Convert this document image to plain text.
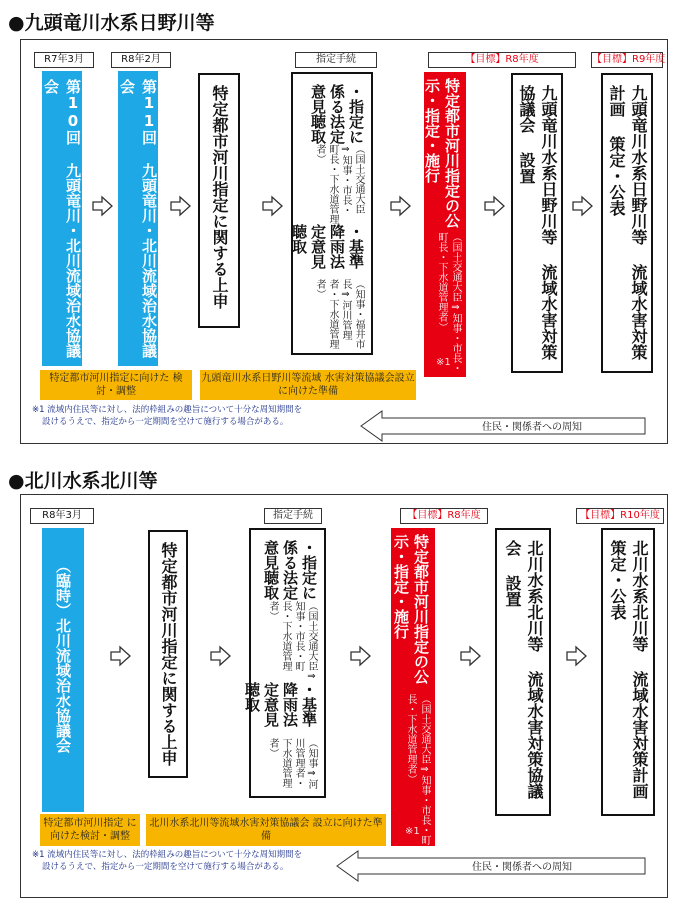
●九頭竜川水系日野川等
R7年3月	R8年2月	指定手続	【目標】R8年度	【目標】R9年度
第10回 九頭竜川・北川流域治水協議会	第11回 九頭竜川・北川流域治水協議会	特定都市河川指定に関する上申	・指定に係る法定意見聴取
（国土交通大臣⇒知事・市長・町長・下水道管理者）
・基準降雨法定意見聴取
（知事・福井市長⇒河川管理者・下水道管理者）
特定都市河川指定の公示・指定・施行
（国土交通大臣⇒知事・市長・町長・下水道管理者）
※1
九頭竜川水系日野川等 流域水害対策協議会 設置	九頭竜川水系日野川等 流域水害対策計画 策定・公表
特定都市河川指定に向けた 検討・調整
九頭竜川水系日野川等流域 水害対策協議会設立に向けた準備
※1 流域内住民等に対し、法的枠組みの趣旨について十分な周知期間を
設けるうえで、指定から一定期間を空けて施行する場合がある。	住民・関係者への周知
●北川水系北川等
R8年3月	指定手続	【目標】R8年度	【目標】R10年度
（臨時）北川流域治水協議会	特定都市河川指定に関する上申	・指定に係る法定意見聴取
（国土交通大臣⇒知事・市長・町長・下水道管理者）
・基準降雨法定意見聴取
（知事⇒河川管理者・下水道管理者）
特定都市河川指定の公示・指定・施行
（国土交通大臣⇒知事・市長・町長・下水道管理者）
※1
北川水系北川等 流域水害対策協議会 設置	北川水系北川等 流域水害対策計画 策定・公表
特定都市河川指定 に向けた検討・調整
北川水系北川等流域水害対策協議会 設立に向けた準備
※1 流域内住民等に対し、法的枠組みの趣旨について十分な周知期間を
設けるうえで、指定から一定期間を空けて施行する場合がある。	住民・関係者への周知
